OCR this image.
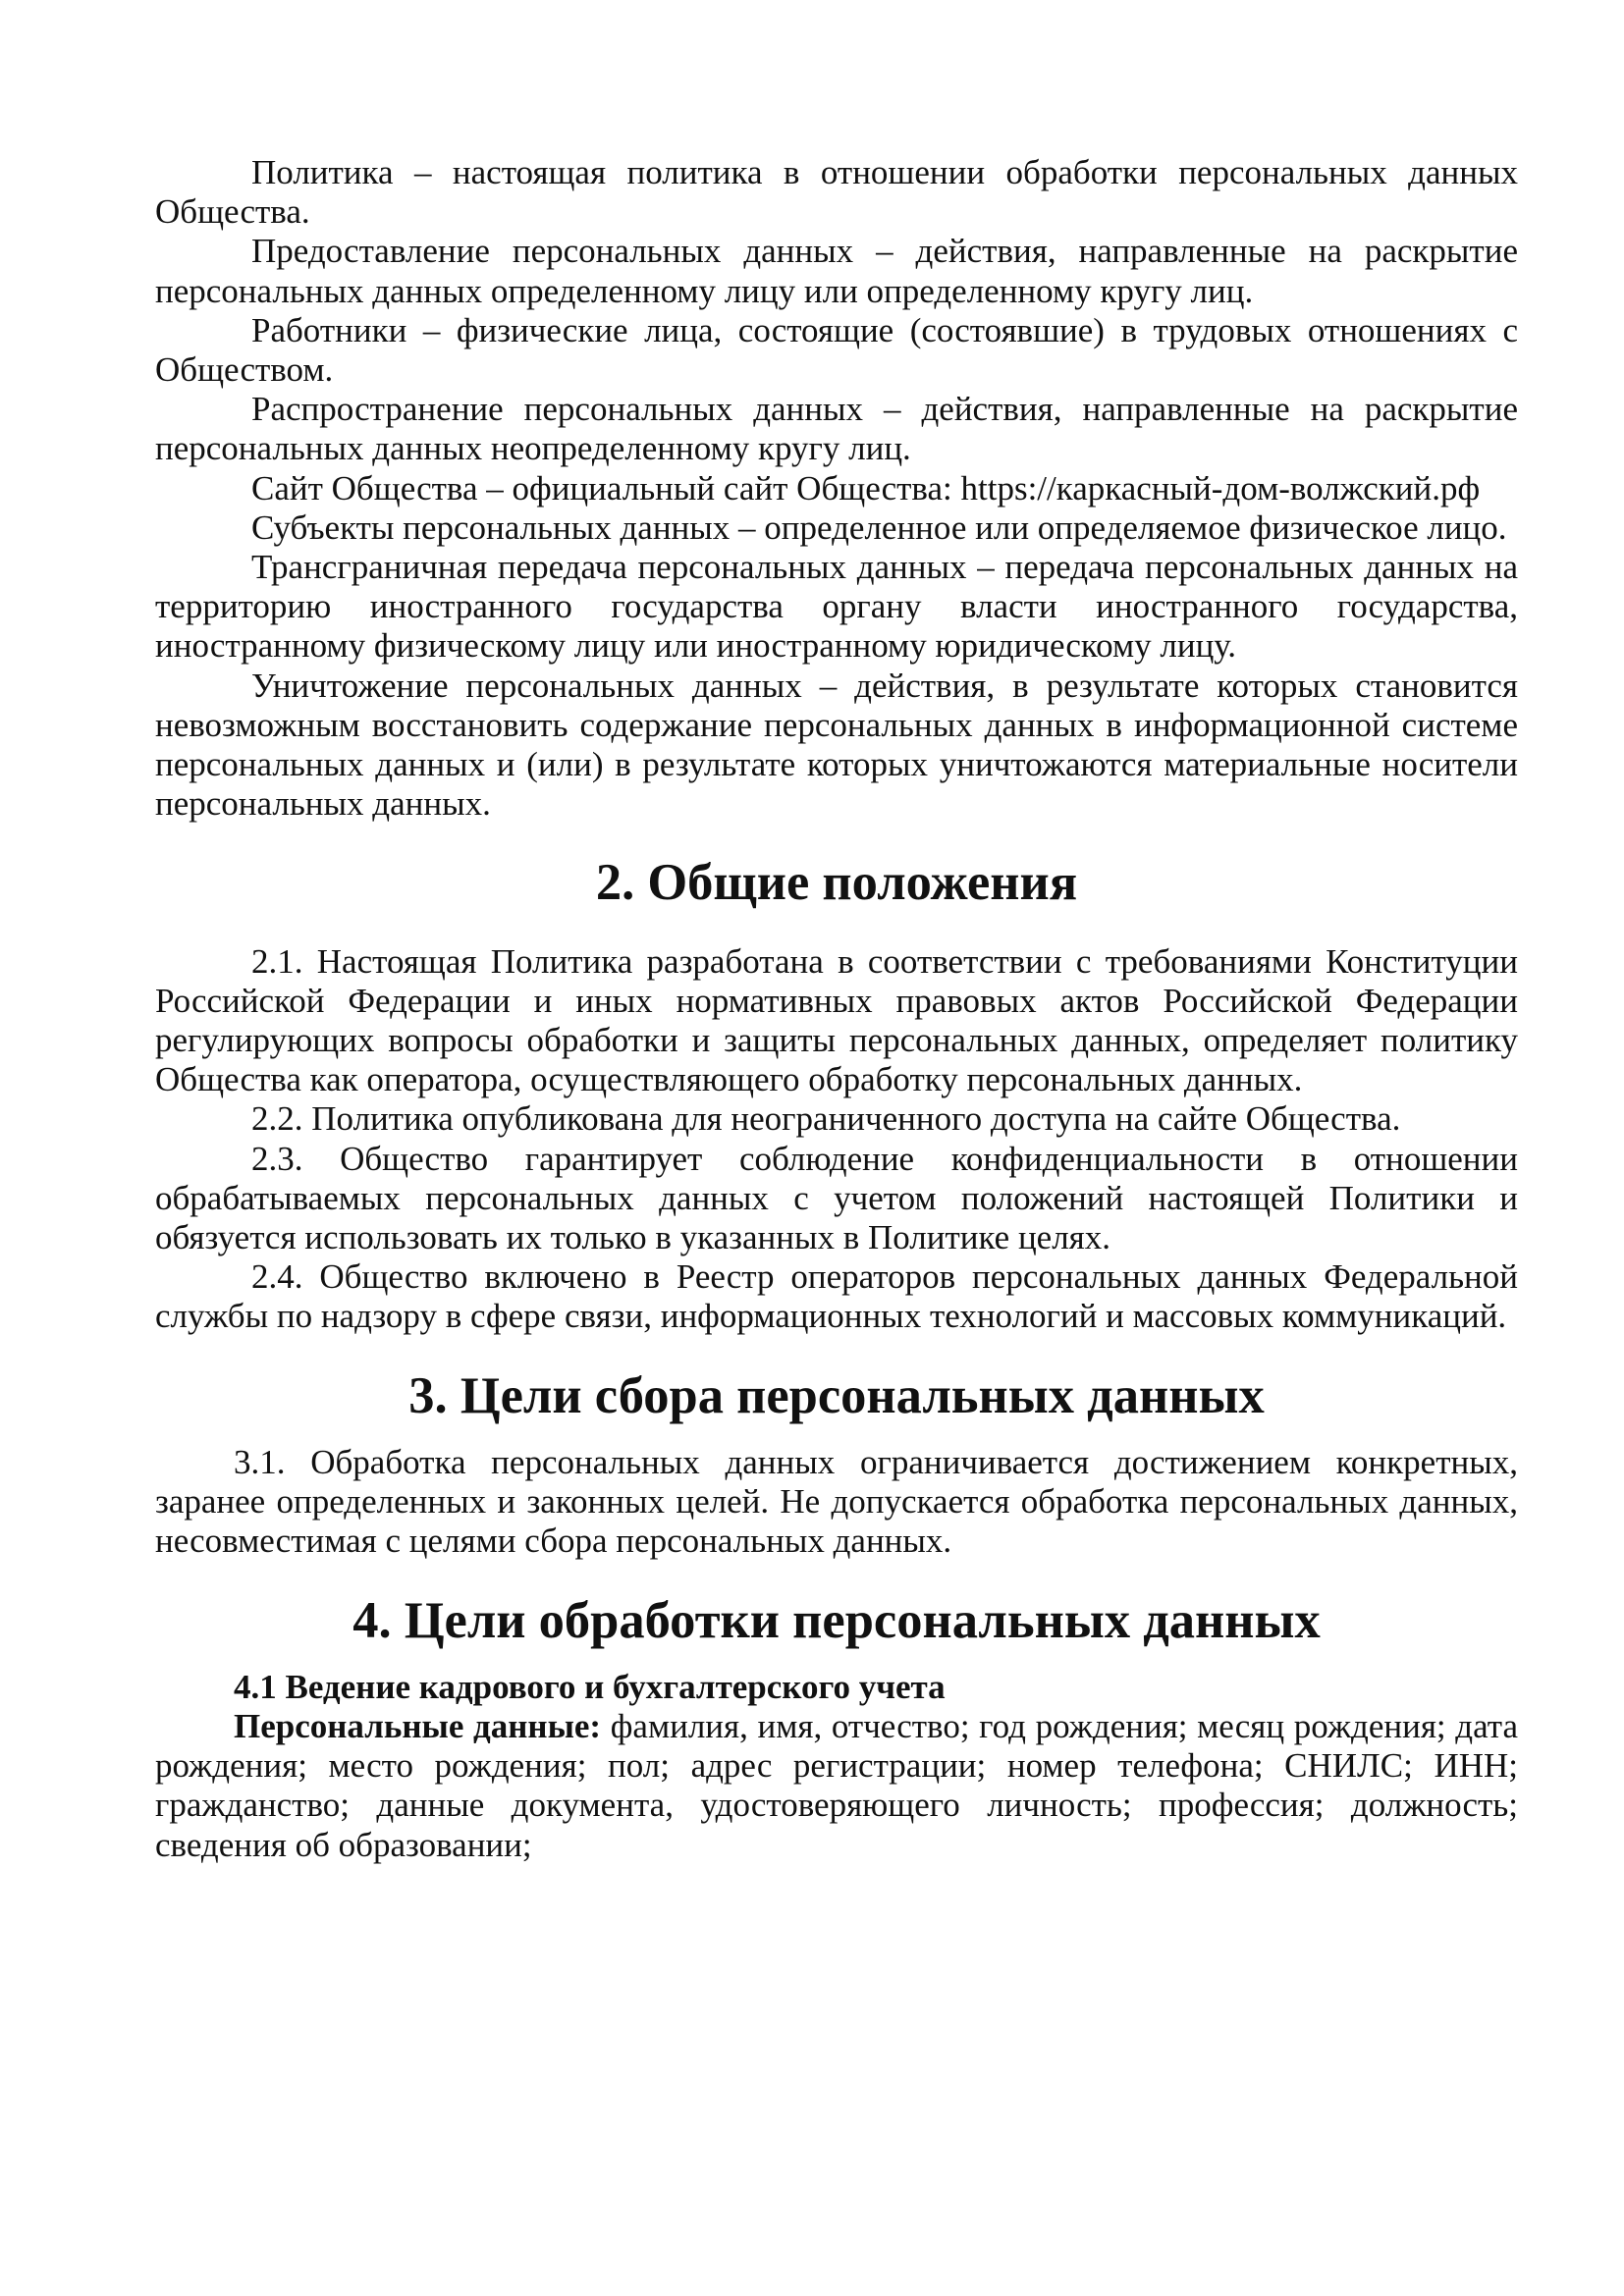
Политика – настоящая политика в отношении обработки персональных данных Общества.

Предоставление персональных данных – действия, направленные на раскрытие персональных данных определенному лицу или определенному кругу лиц.

Работники – физические лица, состоящие (состоявшие) в трудовых отношениях с Обществом.

Распространение персональных данных – действия, направленные на раскрытие персональных данных неопределенному кругу лиц.

Сайт Общества – официальный сайт Общества: https://каркасный-дом-волжский.рф

Субъекты персональных данных – определенное или определяемое физическое лицо.

Трансграничная передача персональных данных – передача персональных данных на территорию иностранного государства органу власти иностранного государства, иностранному физическому лицу или иностранному юридическому лицу.

Уничтожение персональных данных – действия, в результате которых становится невозможным восстановить содержание персональных данных в информационной системе персональных данных и (или) в результате которых уничтожаются материальные носители персональных данных.

2. Общие положения

2.1. Настоящая Политика разработана в соответствии с требованиями Конституции Российской Федерации и иных нормативных правовых актов Российской Федерации регулирующих вопросы обработки и защиты персональных данных, определяет политику Общества как оператора, осуществляющего обработку персональных данных.

2.2. Политика опубликована для неограниченного доступа на сайте Общества.

2.3. Общество гарантирует соблюдение конфиденциальности в отношении обрабатываемых персональных данных с учетом положений настоящей Политики и обязуется использовать их только в указанных в Политике целях.

2.4. Общество включено в Реестр операторов персональных данных Федеральной службы по надзору в сфере связи, информационных технологий и массовых коммуникаций.

3. Цели сбора персональных данных

3.1. Обработка персональных данных ограничивается достижением конкретных, заранее определенных и законных целей. Не допускается обработка персональных данных, несовместимая с целями сбора персональных данных.

4. Цели обработки персональных данных

4.1 Ведение кадрового и бухгалтерского учета

Персональные данные: фамилия, имя, отчество; год рождения; месяц рождения; дата рождения; место рождения; пол; адрес регистрации; номер телефона; СНИЛС; ИНН; гражданство; данные документа, удостоверяющего личность; профессия; должность; сведения об образовании;
